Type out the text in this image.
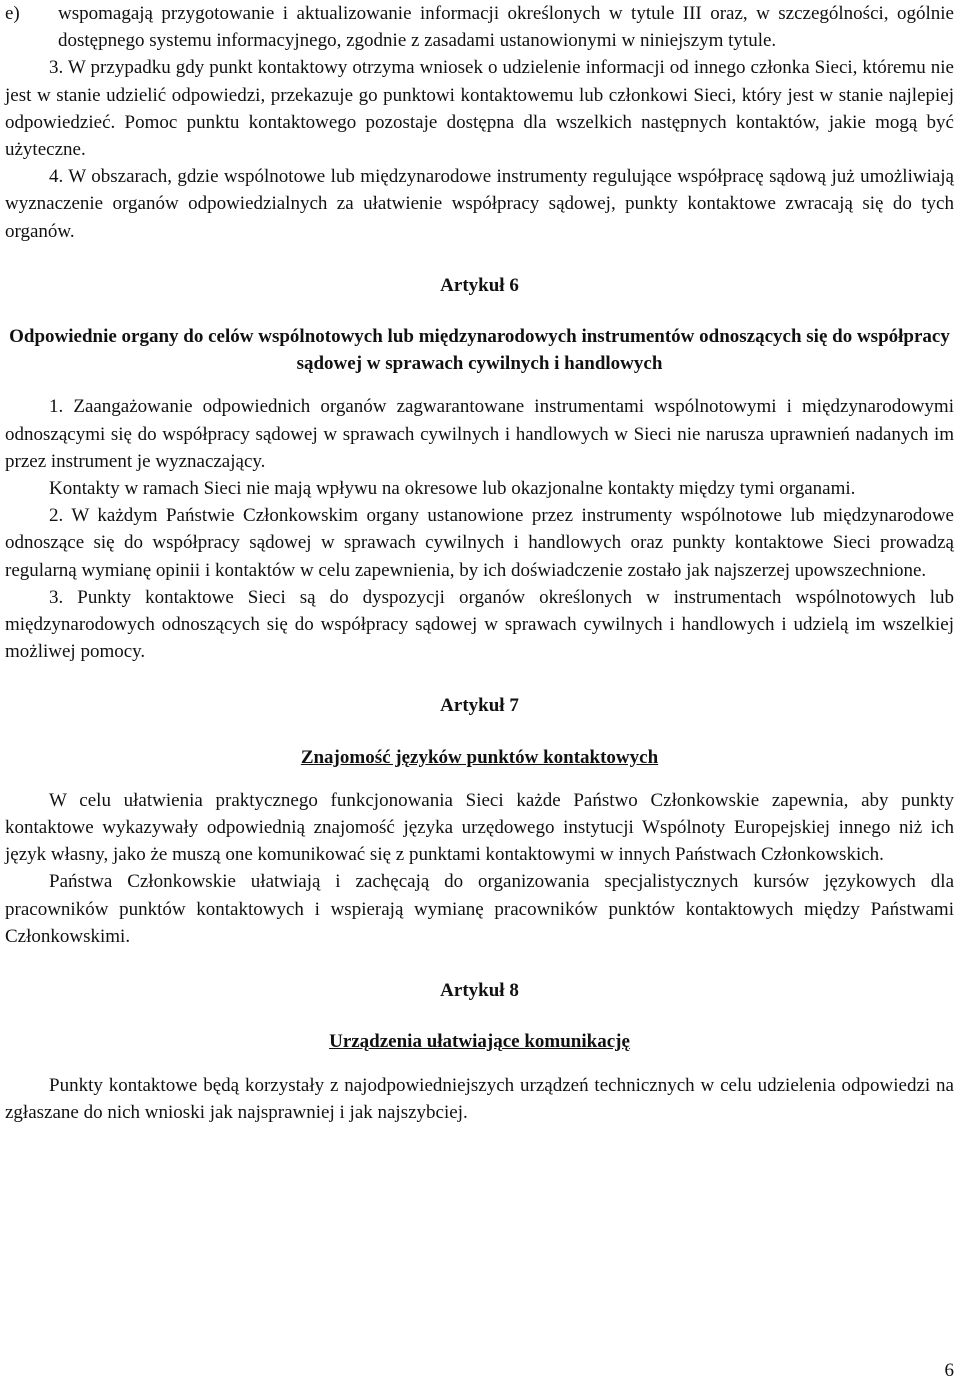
e) wspomagają przygotowanie i aktualizowanie informacji określonych w tytule III oraz, w szczególności, ogólnie dostępnego systemu informacyjnego, zgodnie z zasadami ustanowionymi w niniejszym tytule.

3. W przypadku gdy punkt kontaktowy otrzyma wniosek o udzielenie informacji od innego członka Sieci, któremu nie jest w stanie udzielić odpowiedzi, przekazuje go punktowi kontaktowemu lub członkowi Sieci, który jest w stanie najlepiej odpowiedzieć. Pomoc punktu kontaktowego pozostaje dostępna dla wszelkich następnych kontaktów, jakie mogą być użyteczne.

4. W obszarach, gdzie wspólnotowe lub międzynarodowe instrumenty regulujące współpracę sądową już umożliwiają wyznaczenie organów odpowiedzialnych za ułatwienie współpracy sądowej, punkty kontaktowe zwracają się do tych organów.

Artykuł 6

Odpowiednie organy do celów wspólnotowych lub międzynarodowych instrumentów odnoszących się do współpracy sądowej w sprawach cywilnych i handlowych

1. Zaangażowanie odpowiednich organów zagwarantowane instrumentami wspólnotowymi i międzynarodowymi odnoszącymi się do współpracy sądowej w sprawach cywilnych i handlowych w Sieci nie narusza uprawnień nadanych im przez instrument je wyznaczający.

Kontakty w ramach Sieci nie mają wpływu na okresowe lub okazjonalne kontakty między tymi organami.

2. W każdym Państwie Członkowskim organy ustanowione przez instrumenty wspólnotowe lub międzynarodowe odnoszące się do współpracy sądowej w sprawach cywilnych i handlowych oraz punkty kontaktowe Sieci prowadzą regularną wymianę opinii i kontaktów w celu zapewnienia, by ich doświadczenie zostało jak najszerzej upowszechnione.

3. Punkty kontaktowe Sieci są do dyspozycji organów określonych w instrumentach wspólnotowych lub międzynarodowych odnoszących się do współpracy sądowej w sprawach cywilnych i handlowych i udzielą im wszelkiej możliwej pomocy.

Artykuł 7

Znajomość języków punktów kontaktowych

W celu ułatwienia praktycznego funkcjonowania Sieci każde Państwo Członkowskie zapewnia, aby punkty kontaktowe wykazywały odpowiednią znajomość języka urzędowego instytucji Wspólnoty Europejskiej innego niż ich język własny, jako że muszą one komunikować się z punktami kontaktowymi w innych Państwach Członkowskich.

Państwa Członkowskie ułatwiają i zachęcają do organizowania specjalistycznych kursów językowych dla pracowników punktów kontaktowych i wspierają wymianę pracowników punktów kontaktowych między Państwami Członkowskimi.

Artykuł 8

Urządzenia ułatwiające komunikację

Punkty kontaktowe będą korzystały z najodpowiedniejszych urządzeń technicznych w celu udzielenia odpowiedzi na zgłaszane do nich wnioski jak najsprawniej i jak najszybciej.

6
